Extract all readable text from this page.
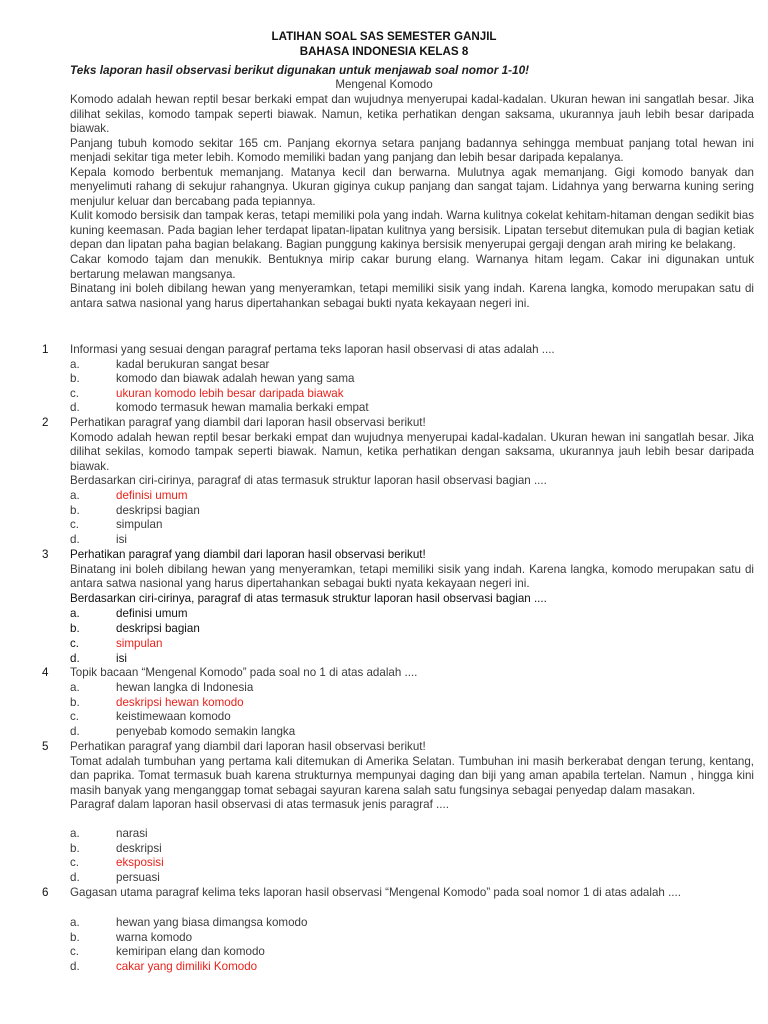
LATIHAN SOAL SAS SEMESTER GANJIL
BAHASA INDONESIA KELAS 8
Teks laporan hasil observasi berikut digunakan untuk menjawab soal nomor 1-10!
Mengenal Komodo

Komodo adalah hewan reptil besar berkaki empat dan wujudnya menyerupai kadal-kadalan. Ukuran hewan ini sangatlah besar. Jika dilihat sekilas, komodo tampak seperti biawak. Namun, ketika perhatikan dengan saksama, ukurannya jauh lebih besar daripada biawak.

Panjang tubuh komodo sekitar 165 cm. Panjang ekornya setara panjang badannya sehingga membuat panjang total hewan ini menjadi sekitar tiga meter lebih. Komodo memiliki badan yang panjang dan lebih besar daripada kepalanya.

Kepala komodo berbentuk memanjang. Matanya kecil dan berwarna. Mulutnya agak memanjang. Gigi komodo banyak dan menyelimuti rahang di sekujur rahangnya. Ukuran giginya cukup panjang dan sangat tajam. Lidahnya yang berwarna kuning sering menjulur keluar dan bercabang pada tepiannya.

Kulit komodo bersisik dan tampak keras, tetapi memiliki pola yang indah. Warna kulitnya cokelat kehitam-hitaman dengan sedikit bias kuning keemasan. Pada bagian leher terdapat lipatan-lipatan kulitnya yang bersisik. Lipatan tersebut ditemukan pula di bagian ketiak depan dan lipatan paha bagian belakang. Bagian punggung kakinya bersisik menyerupai gergaji dengan arah miring ke belakang.

Cakar komodo tajam dan menukik. Bentuknya mirip cakar burung elang. Warnanya hitam legam. Cakar ini digunakan untuk bertarung melawan mangsanya.

Binatang ini boleh dibilang hewan yang menyeramkan, tetapi memiliki sisik yang indah. Karena langka, komodo merupakan satu di antara satwa nasional yang harus dipertahankan sebagai bukti nyata kekayaan negeri ini.

1 Informasi yang sesuai dengan paragraf pertama teks laporan hasil observasi di atas adalah ....
a.	kadal berukuran sangat besar
b.	komodo dan biawak adalah hewan yang sama
c.	ukuran komodo lebih besar daripada biawak
d.	komodo termasuk hewan mamalia berkaki empat
2 Perhatikan paragraf yang diambil dari laporan hasil observasi berikut!

Komodo adalah hewan reptil besar berkaki empat dan wujudnya menyerupai kadal-kadalan. Ukuran hewan ini sangatlah besar. Jika dilihat sekilas, komodo tampak seperti biawak. Namun, ketika perhatikan dengan saksama, ukurannya jauh lebih besar daripada biawak.

Berdasarkan ciri-cirinya, paragraf di atas termasuk struktur laporan hasil observasi bagian ....

a.	definisi umum
b.	deskripsi bagian
c.	simpulan
d.	isi
3 Perhatikan paragraf yang diambil dari laporan hasil observasi berikut!

Binatang ini boleh dibilang hewan yang menyeramkan, tetapi memiliki sisik yang indah. Karena langka, komodo merupakan satu di antara satwa nasional yang harus dipertahankan sebagai bukti nyata kekayaan negeri ini.

Berdasarkan ciri-cirinya, paragraf di atas termasuk struktur laporan hasil observasi bagian ....

a.	definisi umum
b.	deskripsi bagian
c.	simpulan
d.	isi
4 Topik bacaan “Mengenal Komodo” pada soal no 1 di atas adalah ....
a.	hewan langka di Indonesia
b.	deskripsi hewan komodo
c.	keistimewaan komodo
d.	penyebab komodo semakin langka
5 Perhatikan paragraf yang diambil dari laporan hasil observasi berikut!

Tomat adalah tumbuhan yang pertama kali ditemukan di Amerika Selatan. Tumbuhan ini masih berkerabat dengan terung, kentang, dan paprika. Tomat termasuk buah karena strukturnya mempunyai daging dan biji yang aman apabila tertelan. Namun , hingga kini masih banyak yang menganggap tomat sebagai sayuran karena salah satu fungsinya sebagai penyedap dalam masakan.

Paragraf dalam laporan hasil observasi di atas termasuk jenis paragraf ....

a.	narasi
b.	deskripsi
c.	eksposisi
d.	persuasi
6 Gagasan utama paragraf kelima teks laporan hasil observasi “Mengenal Komodo” pada soal nomor 1 di atas adalah ....
a.	hewan yang biasa dimangsa komodo
b.	warna komodo
c.	kemiripan elang dan komodo
d.	cakar yang dimiliki Komodo
